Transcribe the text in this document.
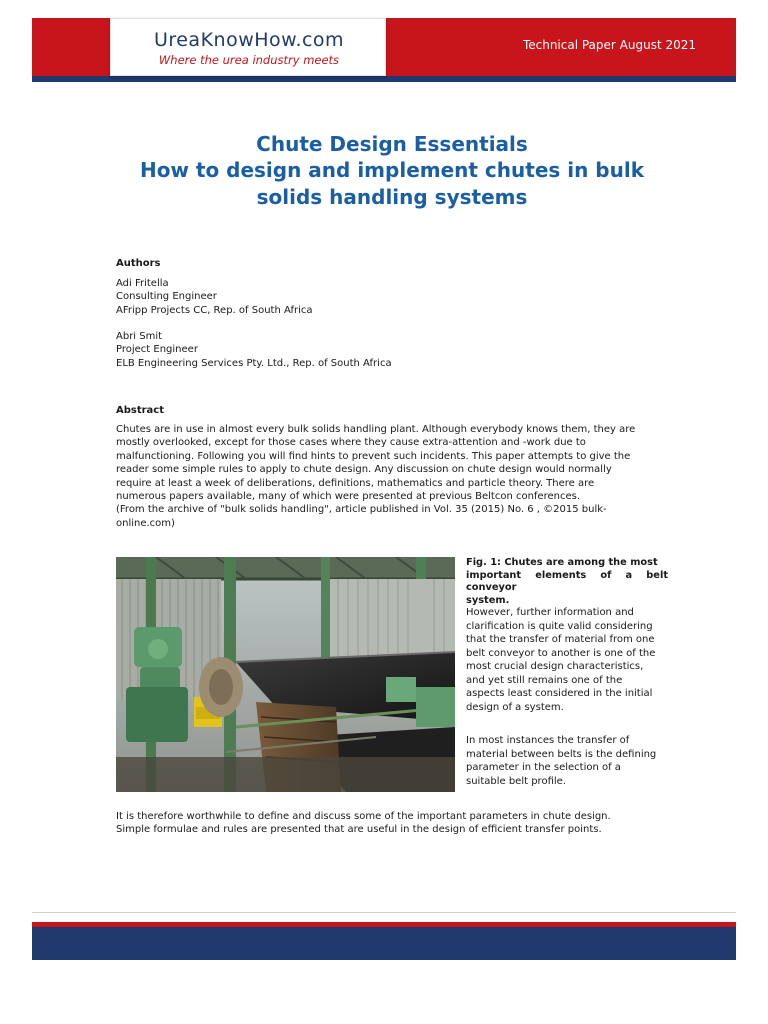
UreaKnowHow.com
Where the urea industry meets
Technical Paper August 2021
Chute Design Essentials
How to design and implement chutes in bulk
solids handling systems
Authors
Adi Fritella
Consulting Engineer
AFripp Projects CC, Rep. of South Africa
Abri Smit
Project Engineer
ELB Engineering Services Pty. Ltd., Rep. of South Africa
Abstract
Chutes are in use in almost every bulk solids handling plant. Although everybody knows them, they are
mostly overlooked, except for those cases where they cause extra-attention and -work due to
malfunctioning. Following you will find hints to prevent such incidents. This paper attempts to give the
reader some simple rules to apply to chute design. Any discussion on chute design would normally
require at least a week of deliberations, definitions, mathematics and particle theory. There are
numerous papers available, many of which were presented at previous Beltcon conferences.
(From the archive of "bulk solids handling", article published in Vol. 35 (2015) No. 6 , ©2015 bulk-
online.com)
Fig. 1: Chutes are among the most
important elements of a belt conveyor
system.
However, further information and
clarification is quite valid considering
that the transfer of material from one
belt conveyor to another is one of the
most crucial design characteristics,
and yet still remains one of the
aspects least considered in the initial
design of a system.
In most instances the transfer of
material between belts is the defining
parameter in the selection of a
suitable belt profile.
It is therefore worthwhile to define and discuss some of the important parameters in chute design.
Simple formulae and rules are presented that are useful in the design of efficient transfer points.
